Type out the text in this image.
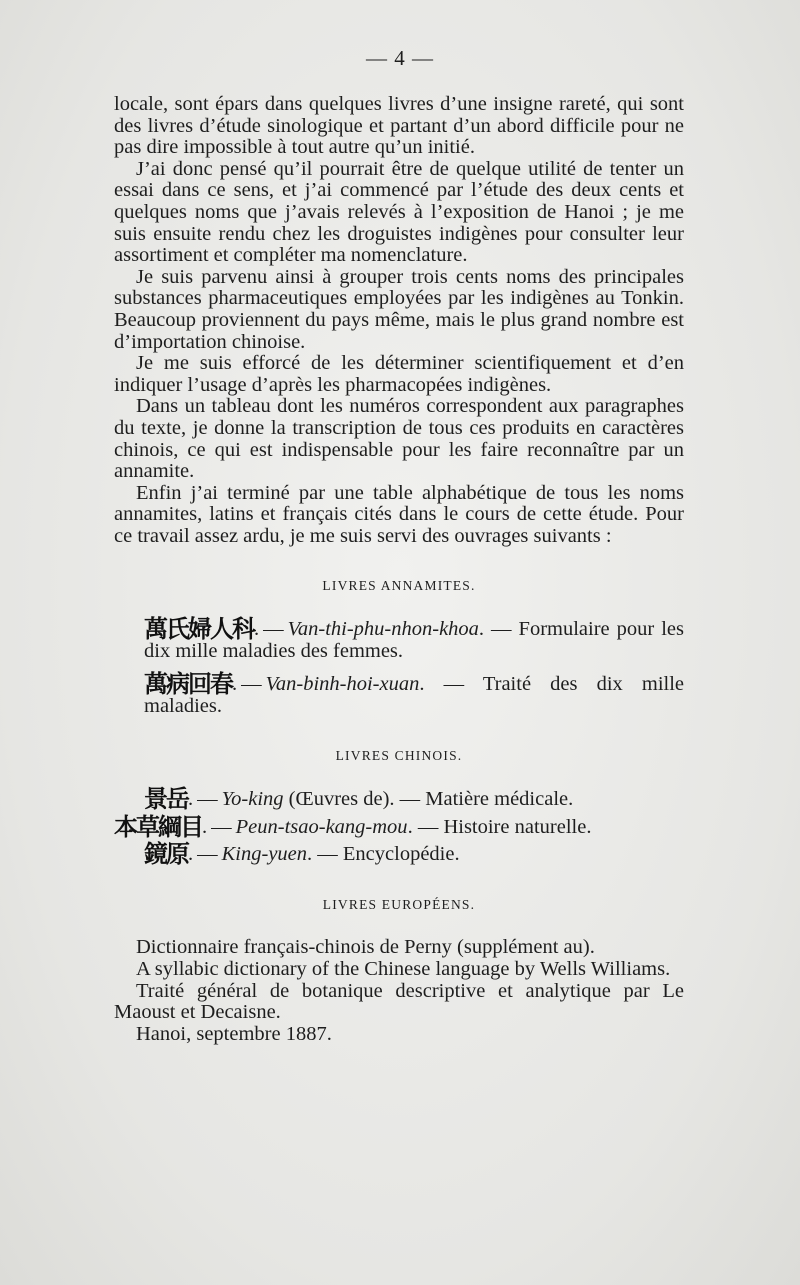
— 4 —

locale, sont épars dans quelques livres d’une insigne rareté, qui sont des livres d’étude sinologique et partant d’un abord difficile pour ne pas dire impossible à tout autre qu’un initié.

J’ai donc pensé qu’il pourrait être de quelque utilité de tenter un essai dans ce sens, et j’ai commencé par l’étude des deux cents et quelques noms que j’avais relevés à l’exposition de Hanoi ; je me suis ensuite rendu chez les droguistes indigènes pour consulter leur assortiment et compléter ma nomenclature.

Je suis parvenu ainsi à grouper trois cents noms des principales substances pharmaceutiques employées par les indigènes au Tonkin. Beaucoup proviennent du pays même, mais le plus grand nombre est d’importation chinoise.

Je me suis efforcé de les déterminer scientifiquement et d’en indiquer l’usage d’après les pharmacopées indigènes.

Dans un tableau dont les numéros correspondent aux paragraphes du texte, je donne la transcription de tous ces produits en caractères chinois, ce qui est indispensable pour les faire reconnaître par un annamite.

Enfin j’ai terminé par une table alphabétique de tous les noms annamites, latins et français cités dans le cours de cette étude. Pour ce travail assez ardu, je me suis servi des ouvrages suivants :

LIVRES ANNAMITES.

萬氏婦人科. — Van-thi-phu-nhon-khoa. — Formulaire pour les dix mille maladies des femmes.

萬病回春. — Van-binh-hoi-xuan. — Traité des dix mille maladies.

LIVRES CHINOIS.

景岳. — Yo-king (Œuvres de). — Matière médicale.

本草綱目. — Peun-tsao-kang-mou. — Histoire naturelle.

鏡原. — King-yuen. — Encyclopédie.

LIVRES EUROPÉENS.

Dictionnaire français-chinois de Perny (supplément au).

A syllabic dictionary of the Chinese language by Wells Williams.

Traité général de botanique descriptive et analytique par Le Maoust et Decaisne.

Hanoi, septembre 1887.
